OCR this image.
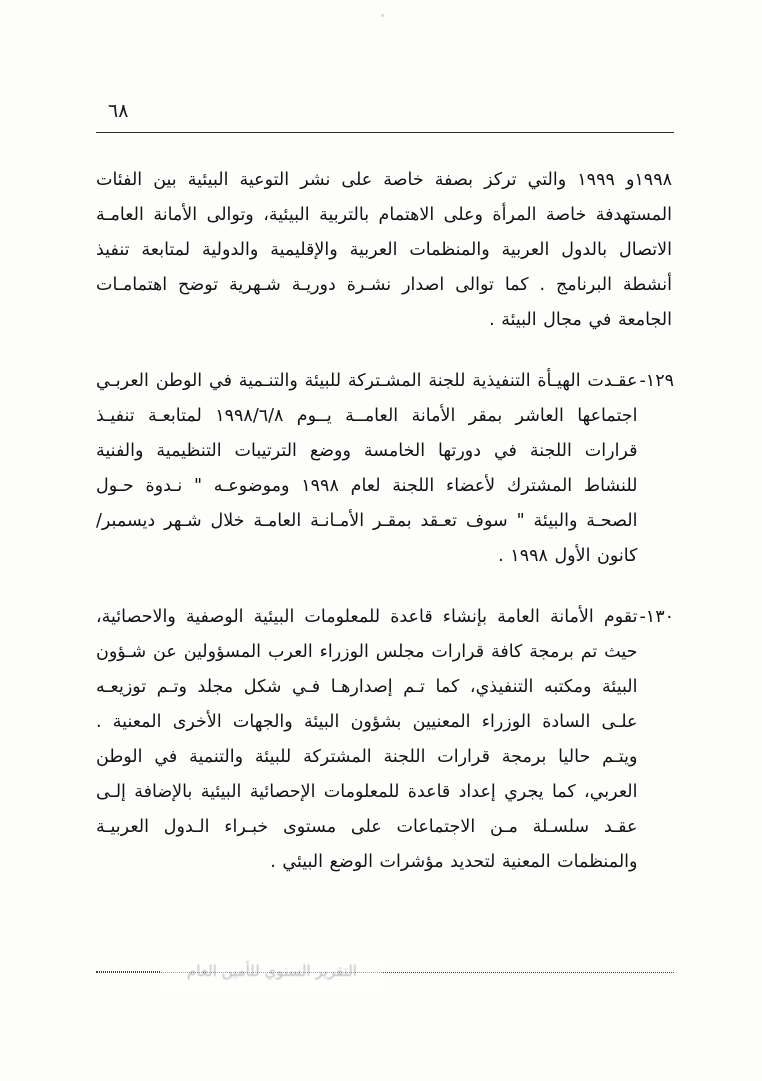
٦٨
١٩٩٨و ١٩٩٩ والتي تركز بصفة خاصة على نشر التوعية البيئية بين الفئات المستهدفة خاصة المرأة وعلى الاهتمام بالتربية البيئية، وتوالى الأمانة العامـة الاتصال بالدول العربية والمنظمات العربية والإقليمية والدولية لمتابعة تنفيذ أنشطة البرنامج . كما توالى اصدار نشـرة دوريـة شـهرية توضح اهتمامـات الجامعة في مجال البيئة .
١٢٩-
عقـدت الهيـأة التنفيذية للجنة المشـتركة للبيئة والتنـمية في الوطن العربـي اجتماعها العاشر بمقر الأمانة العامــة يــوم ١٩٩٨/٦/٨ لمتابعـة تنفيـذ قرارات اللجنة في دورتها الخامسة ووضع الترتيبات التنظيمية والفنية للنشاط المشترك لأعضاء اللجنة لعام ١٩٩٨ وموضوعـه " نـدوة حـول الصحـة والبيئة " سوف تعـقد بمقـر الأمـانـة العامـة خلال شـهر ديسمبر/ كانون الأول ١٩٩٨ .
١٣٠-
تقوم الأمانة العامة بإنشاء قاعدة للمعلومات البيئية الوصفية والاحصائية، حيث تم برمجة كافة قرارات مجلس الوزراء العرب المسؤولين عن شـؤون البيئة ومكتبه التنفيذي، كما تـم إصدارهـا فـي شكل مجلد وتـم توزيعـه علـى السادة الوزراء المعنيين بشؤون البيئة والجهات الأخرى المعنية . ويتـم حاليا برمجة قرارات اللجنة المشتركة للبيئة والتنمية في الوطن العربي، كما يجري إعداد قاعدة للمعلومات الإحصائية البيئية بالإضافة إلـى عقـد سلسـلة مـن الاجتماعات على مستوى خبـراء الـدول العربيـة والمنظمات المعنية لتحديد مؤشرات الوضع البيئي .
التقرير السنوي للأمين العام
